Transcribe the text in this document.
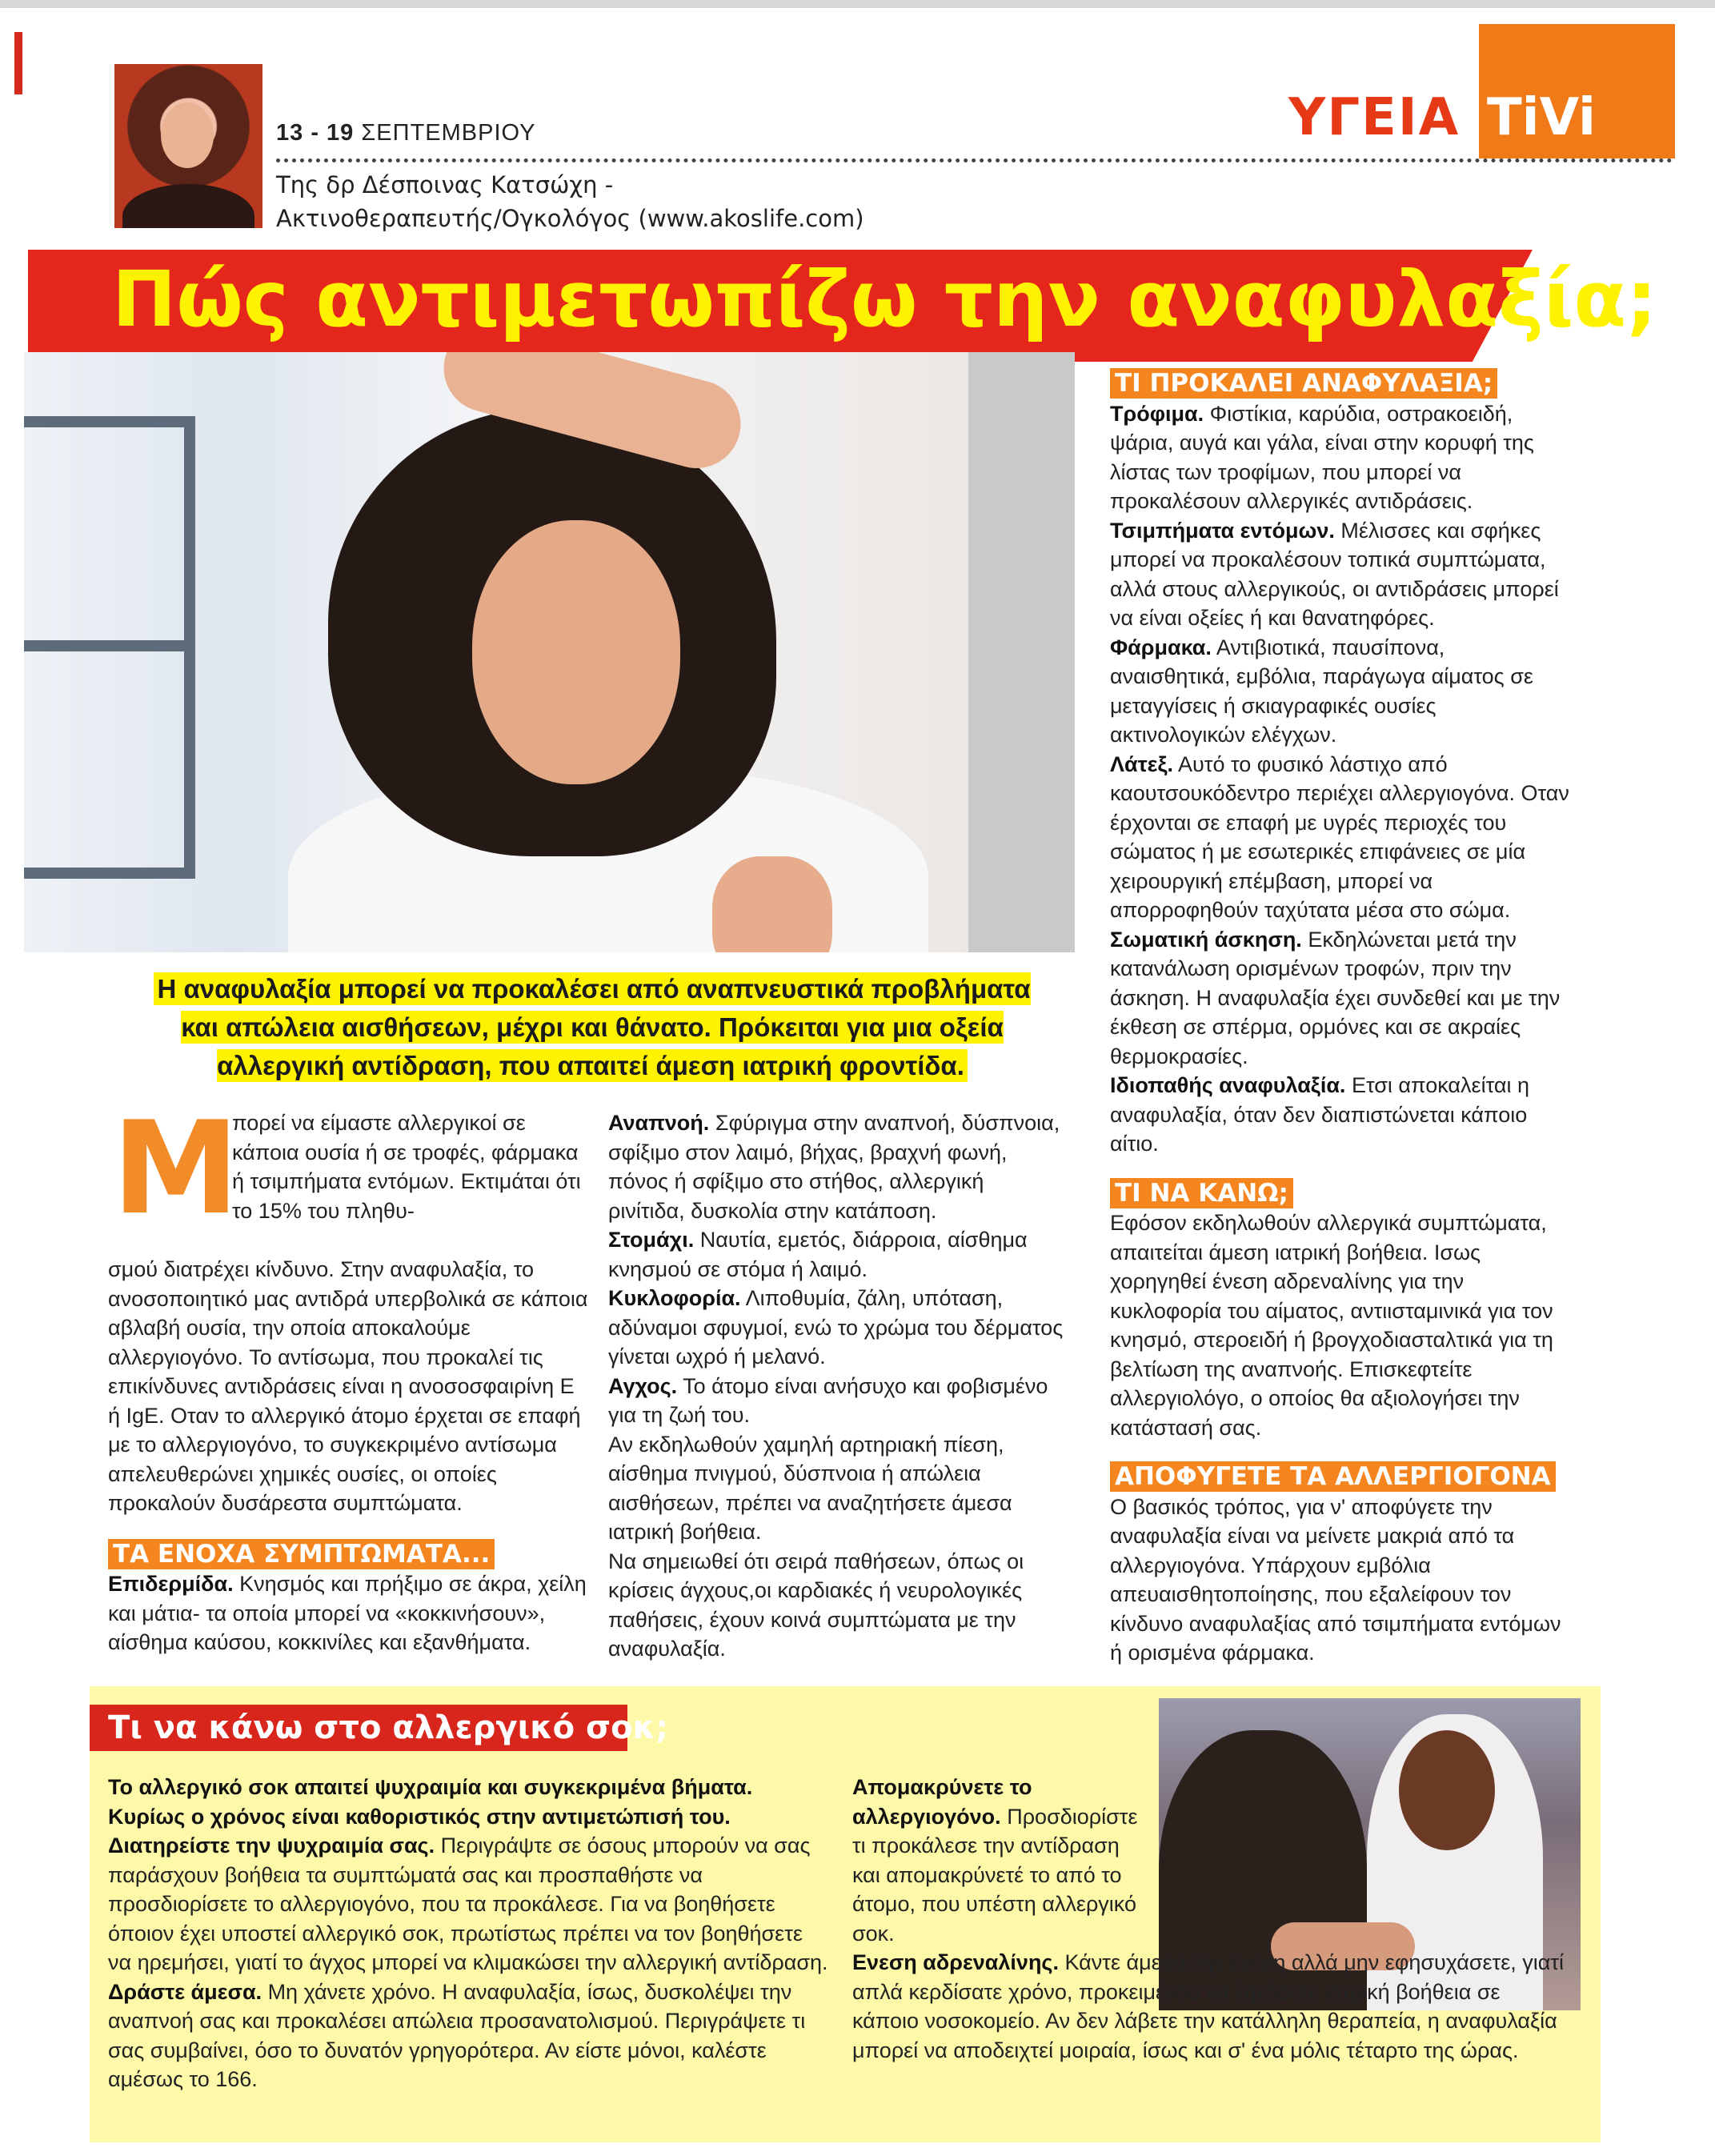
13 - 19 ΣΕΠΤΕΜΒΡΙΟΥ
Της δρ Δέσποινας Κατσώχη -
Ακτινοθεραπευτής/Ογκολόγος (www.akoslife.com)
ΥΓΕΙΑ TiVi
Πώς αντιμετωπίζω την αναφυλαξία;
Η αναφυλαξία μπορεί να προκαλέσει από αναπνευστικά προβλήματα και απώλεια αισθήσεων, μέχρι και θάνατο. Πρόκειται για μια οξεία αλλεργική αντίδραση, που απαιτεί άμεση ιατρική φροντίδα.
Μ
πορεί να είμαστε αλλεργικοί σε κάποια ουσία ή σε τροφές, φάρμακα ή τσιμπήματα εντόμων. Εκτιμάται ότι το 15% του πληθυ-
σμού διατρέχει κίνδυνο. Στην αναφυλαξία, το ανοσοποιητικό μας αντιδρά υπερβολικά σε κάποια αβλαβή ουσία, την οποία αποκαλούμε αλλεργιογόνο. Το αντίσωμα, που προκαλεί τις επικίνδυνες αντιδράσεις είναι η ανοσοσφαιρίνη Ε ή IgE. Οταν το αλλεργικό άτομο έρχεται σε επαφή με το αλλεργιογόνο, το συγκεκριμένο αντίσωμα απελευθερώνει χημικές ουσίες, οι οποίες προκαλούν δυσάρεστα συμπτώματα.
ΤΑ ΕΝΟΧΑ ΣΥΜΠΤΩΜΑΤΑ...
Επιδερμίδα. Κνησμός και πρήξιμο σε άκρα, χείλη και μάτια- τα οποία μπορεί να «κοκκινήσουν», αίσθημα καύσου, κοκκινίλες και εξανθήματα.
Αναπνοή. Σφύριγμα στην αναπνοή, δύσπνοια, σφίξιμο στον λαιμό, βήχας, βραχνή φωνή, πόνος ή σφίξιμο στο στήθος, αλλεργική ρινίτιδα, δυσκολία στην κατάποση.
Στομάχι. Ναυτία, εμετός, διάρροια, αίσθημα κνησμού σε στόμα ή λαιμό.
Κυκλοφορία. Λιποθυμία, ζάλη, υπόταση, αδύναμοι σφυγμοί, ενώ το χρώμα του δέρματος γίνεται ωχρό ή μελανό.
Αγχος. Το άτομο είναι ανήσυχο και φοβισμένο για τη ζωή του.
Αν εκδηλωθούν χαμηλή αρτηριακή πίεση, αίσθημα πνιγμού, δύσπνοια ή απώλεια αισθήσεων, πρέπει να αναζητήσετε άμεσα ιατρική βοήθεια.
Να σημειωθεί ότι σειρά παθήσεων, όπως οι κρίσεις άγχους,οι καρδιακές ή νευρολογικές παθήσεις, έχουν κοινά συμπτώματα με την αναφυλαξία.
ΤΙ ΠΡΟΚΑΛΕΙ ΑΝΑΦΥΛΑΞΙΑ;
Τρόφιμα. Φιστίκια, καρύδια, οστρακοειδή, ψάρια, αυγά και γάλα, είναι στην κορυφή της λίστας των τροφίμων, που μπορεί να προκαλέσουν αλλεργικές αντιδράσεις.
Τσιμπήματα εντόμων. Μέλισσες και σφήκες μπορεί να προκαλέσουν τοπικά συμπτώματα, αλλά στους αλλεργικούς, οι αντιδράσεις μπορεί να είναι οξείες ή και θανατηφόρες.
Φάρμακα. Αντιβιοτικά, παυσίπονα, αναισθητικά, εμβόλια, παράγωγα αίματος σε μεταγγίσεις ή σκιαγραφικές ουσίες ακτινολογικών ελέγχων.
Λάτεξ. Αυτό το φυσικό λάστιχο από καουτσουκόδεντρο περιέχει αλλεργιογόνα. Οταν έρχονται σε επαφή με υγρές περιοχές του σώματος ή με εσωτερικές επιφάνειες σε μία χειρουργική επέμβαση, μπορεί να απορροφηθούν ταχύτατα μέσα στο σώμα.
Σωματική άσκηση. Εκδηλώνεται μετά την κατανάλωση ορισμένων τροφών, πριν την άσκηση. Η αναφυλαξία έχει συνδεθεί και με την έκθεση σε σπέρμα, ορμόνες και σε ακραίες θερμοκρασίες.
Ιδιοπαθής αναφυλαξία. Ετσι αποκαλείται η αναφυλαξία, όταν δεν διαπιστώνεται κάποιο αίτιο.
ΤΙ ΝΑ ΚΑΝΩ;
Εφόσον εκδηλωθούν αλλεργικά συμπτώματα, απαιτείται άμεση ιατρική βοήθεια. Ισως χορηγηθεί ένεση αδρεναλίνης για την κυκλοφορία του αίματος, αντιισταμινικά για τον κνησμό, στεροειδή ή βρογχοδιασταλτικά για τη βελτίωση της αναπνοής. Επισκεφτείτε αλλεργιολόγο, ο οποίος θα αξιολογήσει την κατάστασή σας.
ΑΠΟΦΥΓΕΤΕ ΤΑ ΑΛΛΕΡΓΙΟΓΟΝΑ
Ο βασικός τρόπος, για ν' αποφύγετε την αναφυλαξία είναι να μείνετε μακριά από τα αλλεργιογόνα. Υπάρχουν εμβόλια απευαισθητοποίησης, που εξαλείφουν τον κίνδυνο αναφυλαξίας από τσιμπήματα εντόμων ή ορισμένα φάρμακα.
Τι να κάνω στο αλλεργικό σοκ;
Το αλλεργικό σοκ απαιτεί ψυχραιμία και συγκεκριμένα βήματα. Κυρίως ο χρόνος είναι καθοριστικός στην αντιμετώπισή του.
Διατηρείστε την ψυχραιμία σας. Περιγράψτε σε όσους μπορούν να σας παράσχουν βοήθεια τα συμπτώματά σας και προσπαθήστε να προσδιορίσετε το αλλεργιογόνο, που τα προκάλεσε. Για να βοηθήσετε όποιον έχει υποστεί αλλεργικό σοκ, πρωτίστως πρέπει να τον βοηθήσετε να ηρεμήσει, γιατί το άγχος μπορεί να κλιμακώσει την αλλεργική αντίδραση.
Δράστε άμεσα. Μη χάνετε χρόνο. Η αναφυλαξία, ίσως, δυσκολέψει την αναπνοή σας και προκαλέσει απώλεια προσανατολισμού. Περιγράψετε τι σας συμβαίνει, όσο το δυνατόν γρηγορότερα. Αν είστε μόνοι, καλέστε αμέσως το 166.
Απομακρύνετε το αλλεργιογόνο. Προσδιορίστε τι προκάλεσε την αντίδραση και απομακρύνετέ το από το άτομο, που υπέστη αλλεργικό σοκ.
Ενεση αδρεναλίνης. Κάντε άμεσα την ένεση αλλά μην εφησυχάσετε, γιατί απλά κερδίσατε χρόνο, προκειμένου να ζητήσετε ιατρική βοήθεια σε κάποιο νοσοκομείο. Αν δεν λάβετε την κατάλληλη θεραπεία, η αναφυλαξία μπορεί να αποδειχτεί μοιραία, ίσως και σ' ένα μόλις τέταρτο της ώρας.
